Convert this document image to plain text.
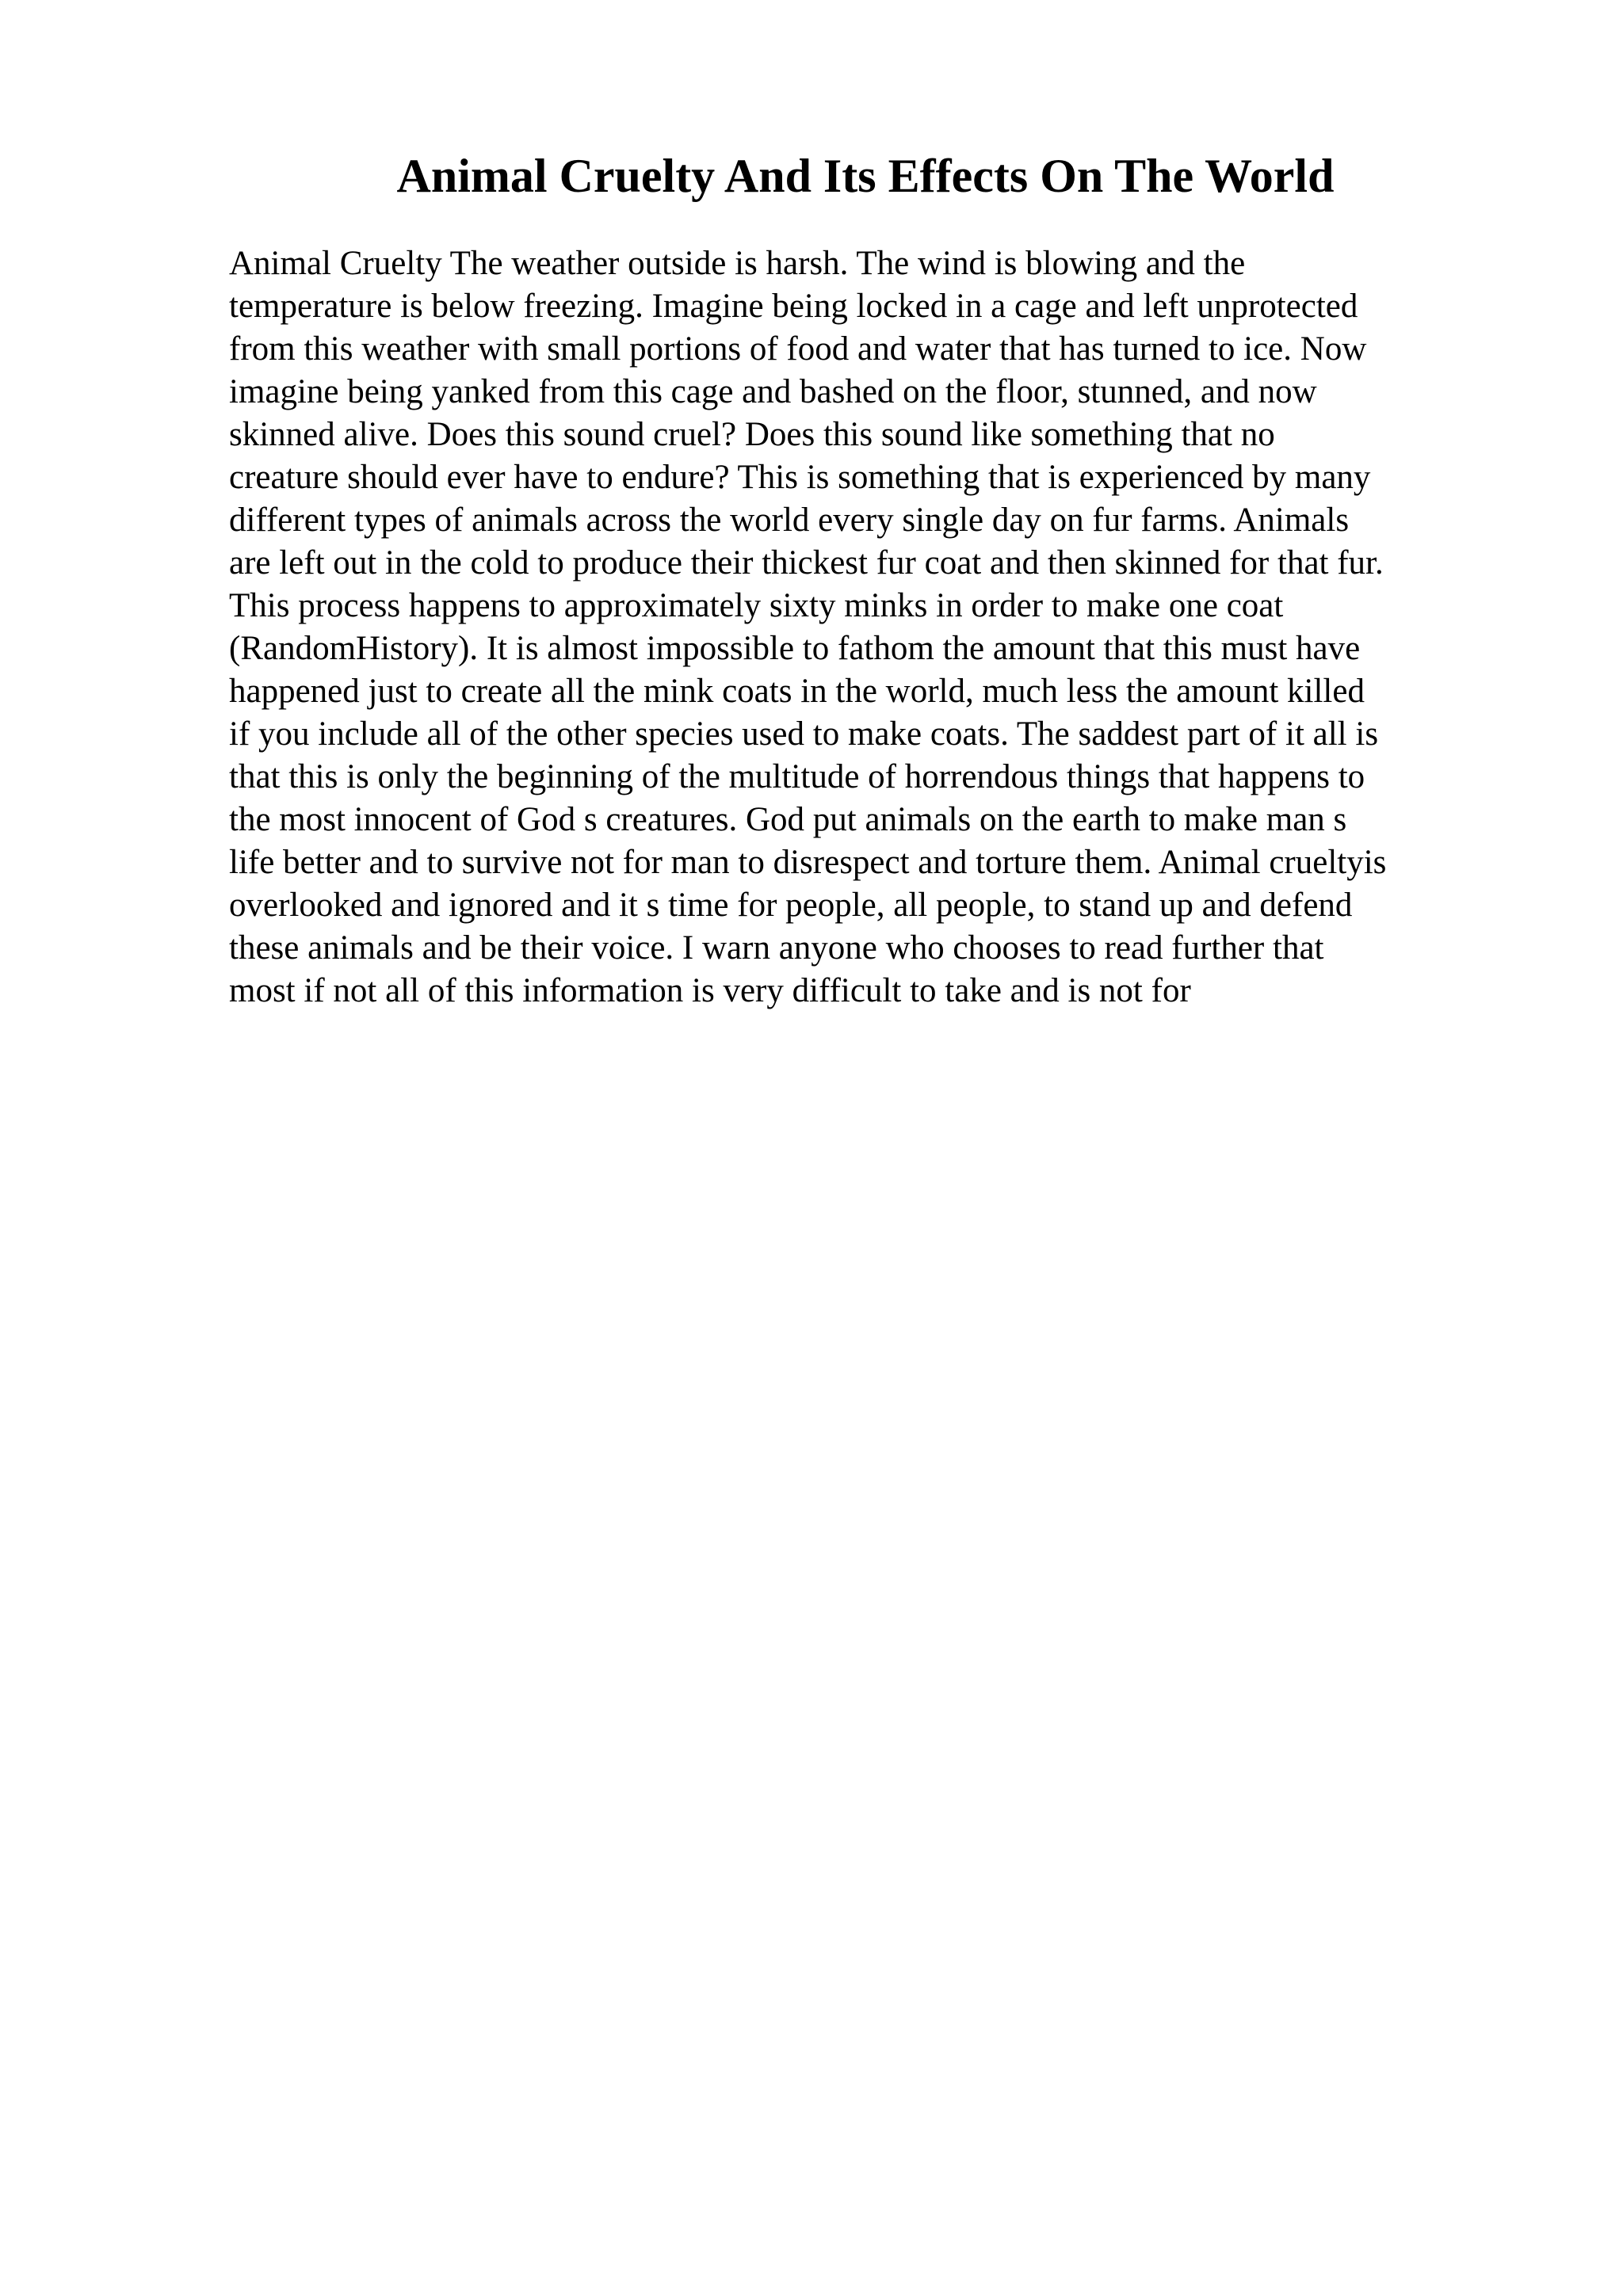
Animal Cruelty And Its Effects On The World
Animal Cruelty The weather outside is harsh. The wind is blowing and the
temperature is below freezing. Imagine being locked in a cage and left unprotected
from this weather with small portions of food and water that has turned to ice. Now
imagine being yanked from this cage and bashed on the floor, stunned, and now
skinned alive. Does this sound cruel? Does this sound like something that no
creature should ever have to endure? This is something that is experienced by many
different types of animals across the world every single day on fur farms. Animals
are left out in the cold to produce their thickest fur coat and then skinned for that fur.
This process happens to approximately sixty minks in order to make one coat
(RandomHistory). It is almost impossible to fathom the amount that this must have
happened just to create all the mink coats in the world, much less the amount killed
if you include all of the other species used to make coats. The saddest part of it all is
that this is only the beginning of the multitude of horrendous things that happens to
the most innocent of God s creatures. God put animals on the earth to make man s
life better and to survive not for man to disrespect and torture them. Animal crueltyis
overlooked and ignored and it s time for people, all people, to stand up and defend
these animals and be their voice. I warn anyone who chooses to read further that
most if not all of this information is very difficult to take and is not for
